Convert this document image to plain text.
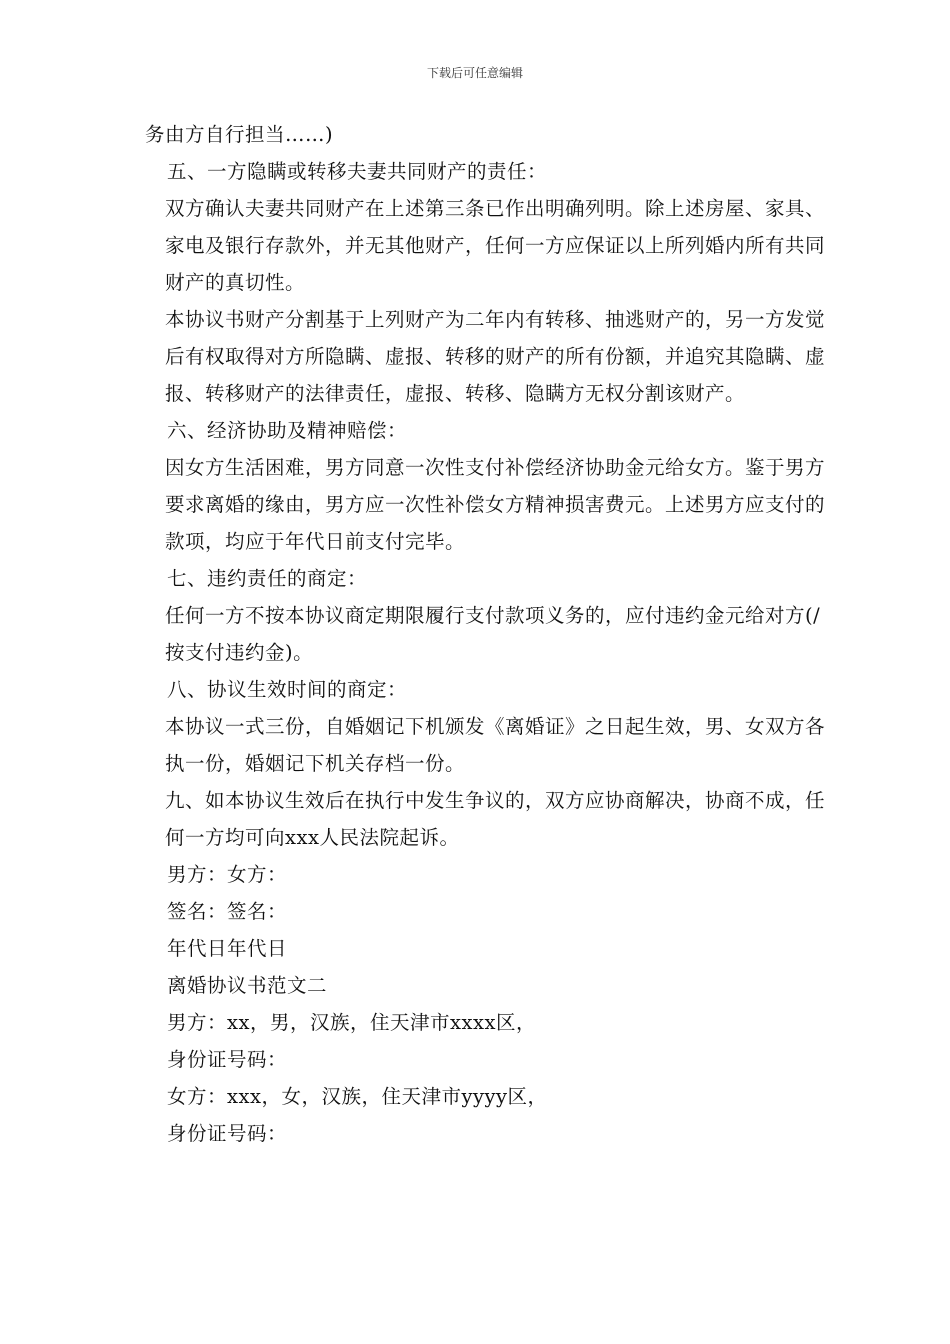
下载后可任意编辑

务由方自行担当……)

五、一方隐瞒或转移夫妻共同财产的责任：

双方确认夫妻共同财产在上述第三条已作出明确列明。除上述房屋、家具、家电及银行存款外，并无其他财产，任何一方应保证以上所列婚内所有共同财产的真切性。

本协议书财产分割基于上列财产为二年内有转移、抽逃财产的，另一方发觉后有权取得对方所隐瞒、虚报、转移的财产的所有份额，并追究其隐瞒、虚报、转移财产的法律责任，虚报、转移、隐瞒方无权分割该财产。

六、经济协助及精神赔偿：

因女方生活困难，男方同意一次性支付补偿经济协助金元给女方。鉴于男方要求离婚的缘由，男方应一次性补偿女方精神损害费元。上述男方应支付的款项，均应于年代日前支付完毕。

七、违约责任的商定：

任何一方不按本协议商定期限履行支付款项义务的，应付违约金元给对方(/按支付违约金)。

八、协议生效时间的商定：

本协议一式三份，自婚姻记下机颁发《离婚证》之日起生效，男、女双方各执一份，婚姻记下机关存档一份。

九、如本协议生效后在执行中发生争议的，双方应协商解决，协商不成，任何一方均可向xxx人民法院起诉。

男方：女方：

签名：签名：

年代日年代日

离婚协议书范文二

男方：xx，男，汉族，住天津市xxxx区，

身份证号码：

女方：xxx，女，汉族，住天津市yyyy区，

身份证号码：
